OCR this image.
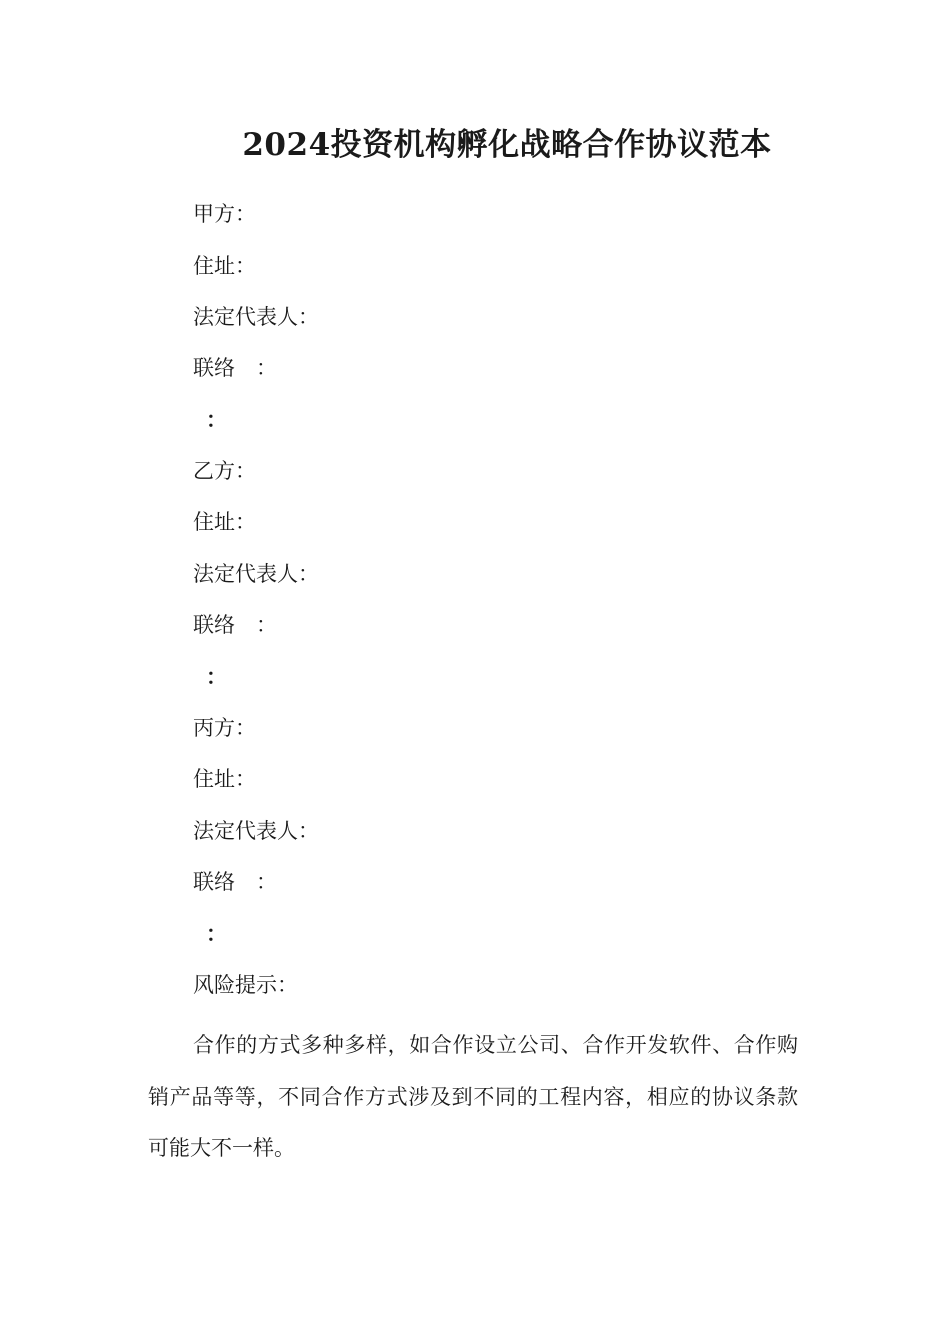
2024投资机构孵化战略合作协议范本
甲方：
住址：
法定代表人：
联络　：
：
乙方：
住址：
法定代表人：
联络　：
：
丙方：
住址：
法定代表人：
联络　：
：
风险提示：
合作的方式多种多样，如合作设立公司、合作开发软件、合作购销产品等等，不同合作方式涉及到不同的工程内容，相应的协议条款可能大不一样。
